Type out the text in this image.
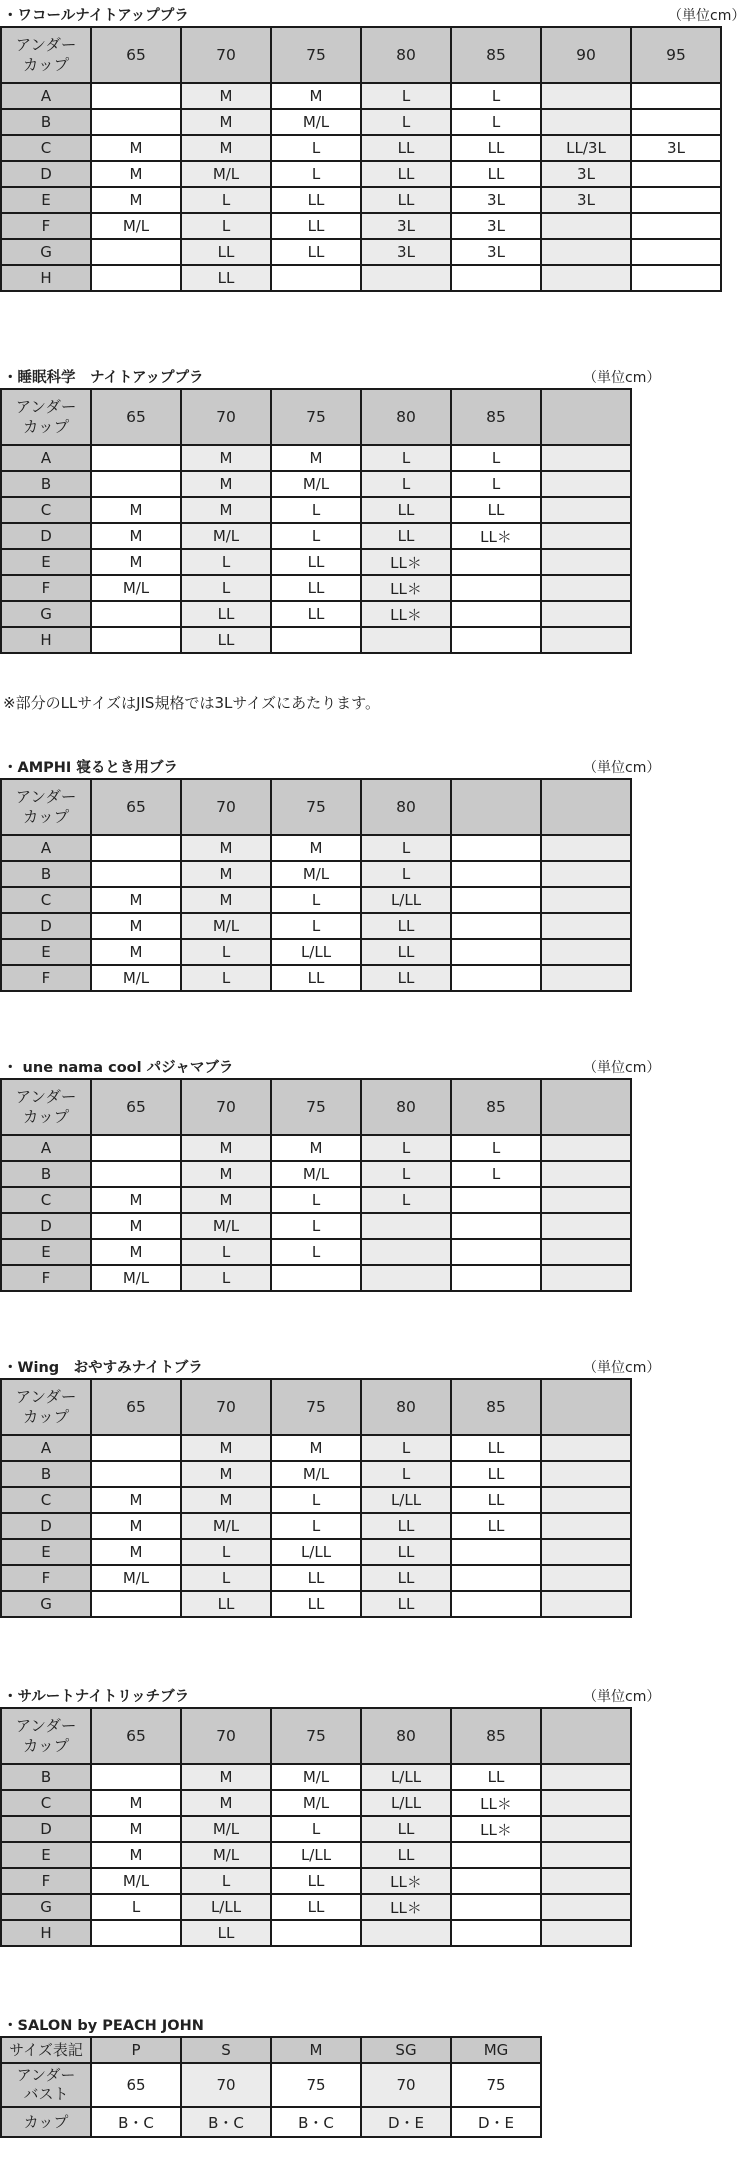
・ワコールナイトアッププラ	（単位cm）
アンダー
カップ	65	70	75	80	85	90	95
A		M	M	L	L		
B		M	M/L	L	L		
C	M	M	L	LL	LL	LL/3L	3L
D	M	M/L	L	LL	LL	3L	
E	M	L	LL	LL	3L	3L	
F	M/L	L	LL	3L	3L		
G		LL	LL	3L	3L		
H		LL					
・睡眠科学　ナイトアッププラ	（単位cm）
アンダー
カップ	65	70	75	80	85	
A		M	M	L	L	
B		M	M/L	L	L	
C	M	M	L	LL	LL	
D	M	M/L	L	LL	LL＊	
E	M	L	LL	LL＊		
F	M/L	L	LL	LL＊		
G		LL	LL	LL＊		
H		LL				
※部分のLLサイズはJIS規格では3Lサイズにあたります。
・AMPHI 寝るとき用ブラ	（単位cm）
アンダー
カップ	65	70	75	80		
A		M	M	L		
B		M	M/L	L		
C	M	M	L	L/LL		
D	M	M/L	L	LL		
E	M	L	L/LL	LL		
F	M/L	L	LL	LL		
・ une nama cool パジャマブラ	（単位cm）
アンダー
カップ	65	70	75	80	85	
A		M	M	L	L	
B		M	M/L	L	L	
C	M	M	L	L		
D	M	M/L	L			
E	M	L	L			
F	M/L	L				
・Wing　おやすみナイトブラ	（単位cm）
アンダー
カップ	65	70	75	80	85	
A		M	M	L	LL	
B		M	M/L	L	LL	
C	M	M	L	L/LL	LL	
D	M	M/L	L	LL	LL	
E	M	L	L/LL	LL		
F	M/L	L	LL	LL		
G		LL	LL	LL		
・サルートナイトリッチブラ	（単位cm）
アンダー
カップ	65	70	75	80	85	
B		M	M/L	L/LL	LL	
C	M	M	M/L	L/LL	LL＊	
D	M	M/L	L	LL	LL＊	
E	M	M/L	L/LL	LL		
F	M/L	L	LL	LL＊		
G	L	L/LL	LL	LL＊		
H		LL				
・SALON by PEACH JOHN
サイズ表記	P	S	M	SG	MG
アンダー
バスト	65	70	75	70	75
カップ	B・C	B・C	B・C	D・E	D・E
